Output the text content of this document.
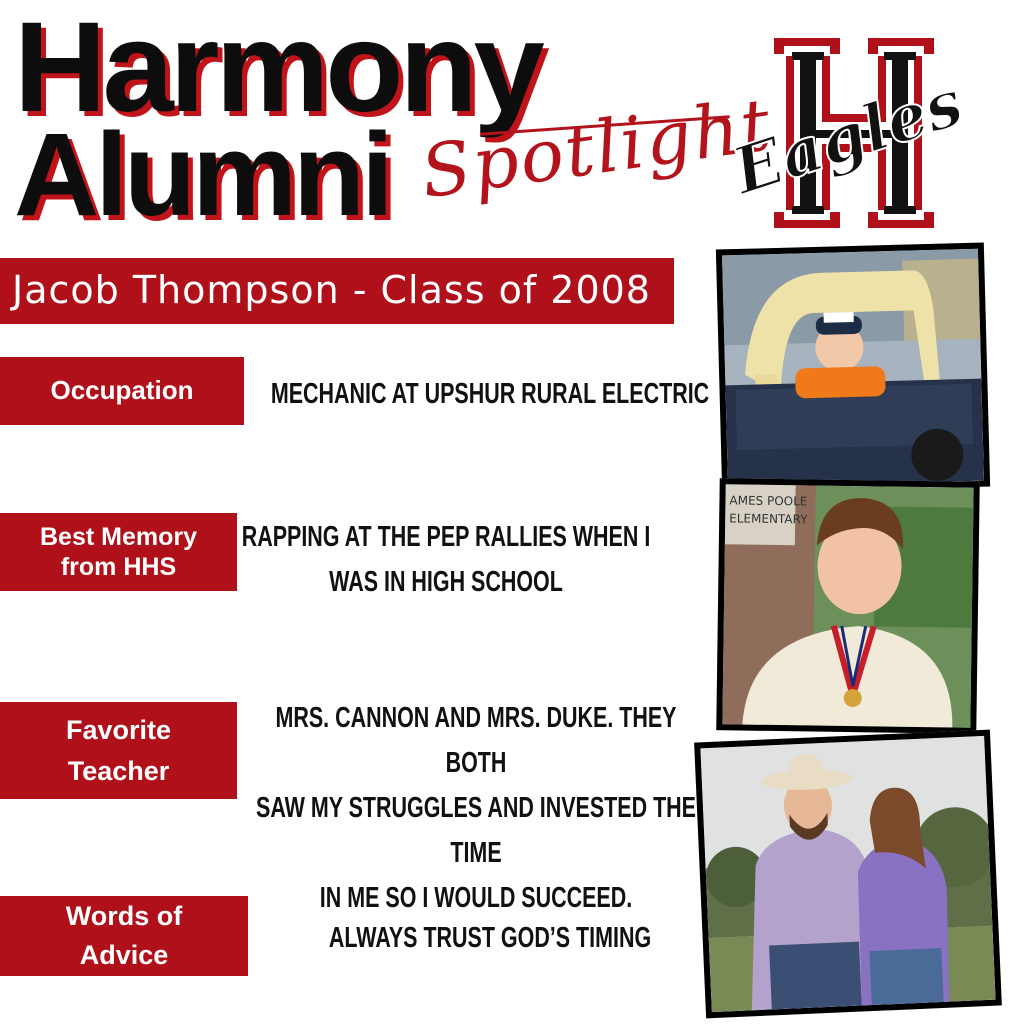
Harmony
Alumni Spotlight
Eagles
Jacob Thompson - Class of 2008
Occupation
Best Memory
from HHS
Favorite
Teacher
Words of
Advice
MECHANIC AT UPSHUR RURAL ELECTRIC
RAPPING AT THE PEP RALLIES WHEN I
WAS IN HIGH SCHOOL
MRS. CANNON AND MRS. DUKE. THEY BOTH
SAW MY STRUGGLES AND INVESTED THE TIME
IN ME SO I WOULD SUCCEED.
ALWAYS TRUST GOD’S TIMING
AMES POOLE
ELEMENTARY
